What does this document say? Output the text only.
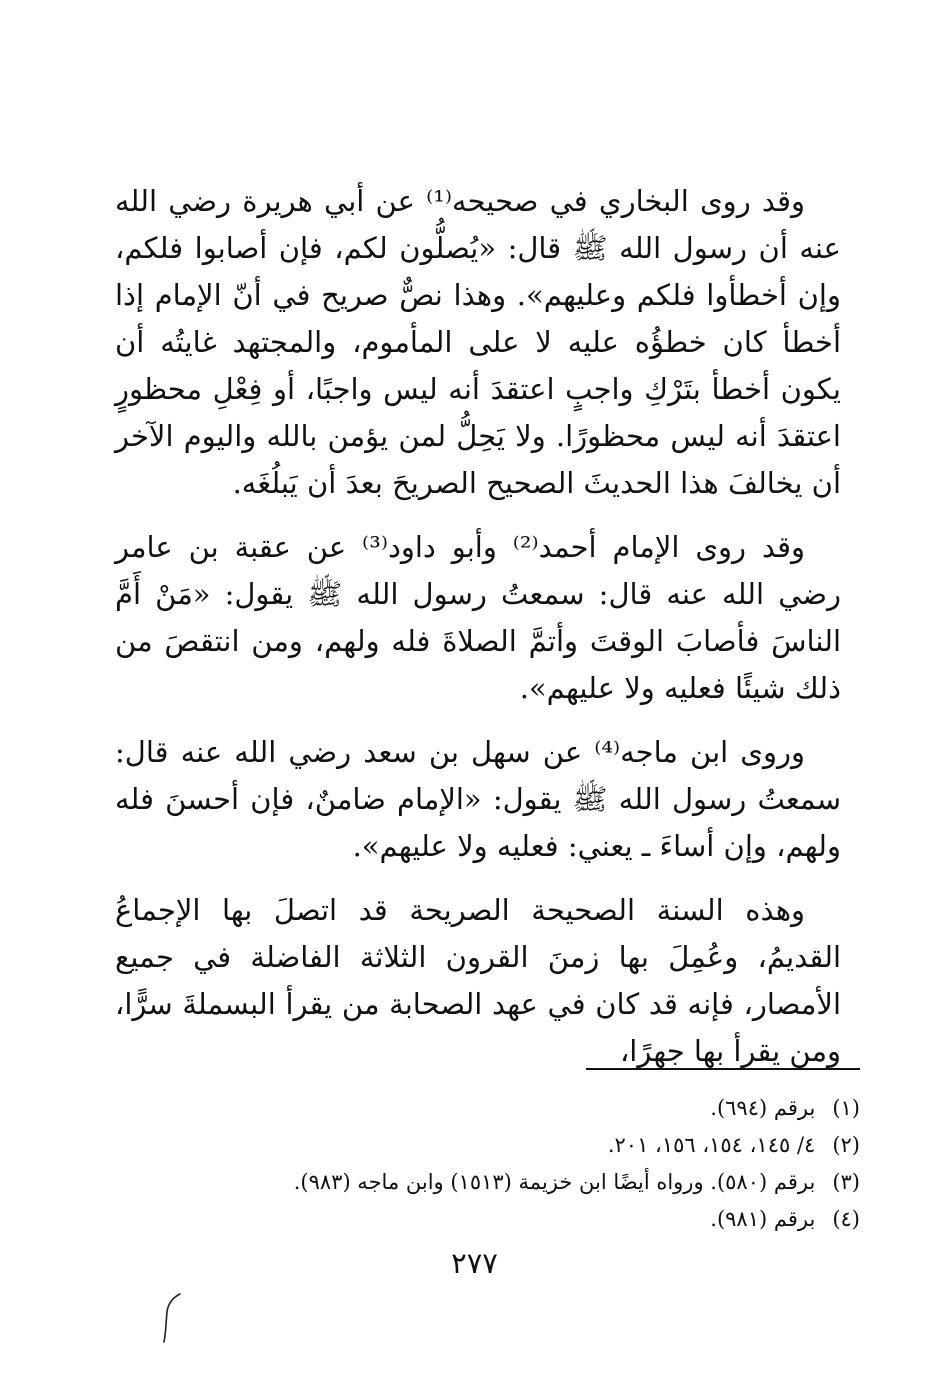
وقد روى البخاري في صحيحه⁽¹⁾ عن أبي هريرة رضي الله عنه أن رسول الله ﷺ قال: «يُصلُّون لكم، فإن أصابوا فلكم، وإن أخطأوا فلكم وعليهم». وهذا نصٌّ صريح في أنّ الإمام إذا أخطأ كان خطؤُه عليه لا على المأموم، والمجتهد غايتُه أن يكون أخطأ بتَرْكِ واجبٍ اعتقدَ أنه ليس واجبًا، أو فِعْلِ محظورٍ اعتقدَ أنه ليس محظورًا. ولا يَحِلُّ لمن يؤمن بالله واليوم الآخر أن يخالفَ هذا الحديثَ الصحيح الصريحَ بعدَ أن يَبلُغَه.

وقد روى الإمام أحمد⁽²⁾ وأبو داود⁽³⁾ عن عقبة بن عامر رضي الله عنه قال: سمعتُ رسول الله ﷺ يقول: «مَنْ أَمَّ الناسَ فأصابَ الوقتَ وأتمَّ الصلاةَ فله ولهم، ومن انتقصَ من ذلك شيئًا فعليه ولا عليهم».

وروى ابن ماجه⁽⁴⁾ عن سهل بن سعد رضي الله عنه قال: سمعتُ رسول الله ﷺ يقول: «الإمام ضامنٌ، فإن أحسنَ فله ولهم، وإن أساءَ ـ يعني: فعليه ولا عليهم».

وهذه السنة الصحيحة الصريحة قد اتصلَ بها الإجماعُ القديمُ، وعُمِلَ بها زمنَ القرون الثلاثة الفاضلة في جميع الأمصار، فإنه قد كان في عهد الصحابة من يقرأ البسملةَ سرًّا، ومن يقرأ بها جهرًا،

(١) برقم (٦٩٤).
(٢) ٤/ ١٤٥، ١٥٤، ١٥٦، ٢٠١.
(٣) برقم (٥٨٠). ورواه أيضًا ابن خزيمة (١٥١٣) وابن ماجه (٩٨٣).
(٤) برقم (٩٨١).
٢٧٧
